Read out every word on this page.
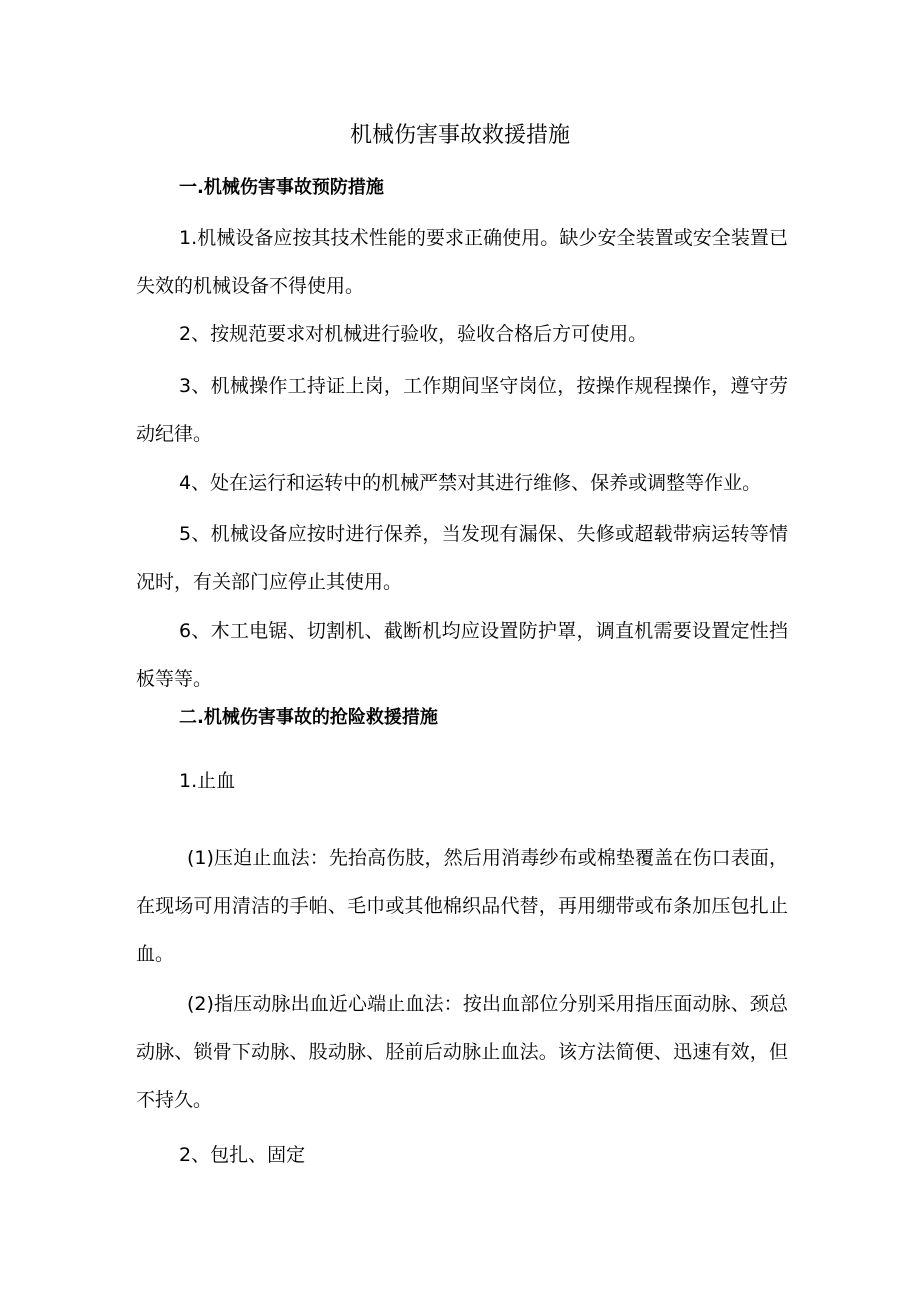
机械伤害事故救援措施

一.机械伤害事故预防措施

1.机械设备应按其技术性能的要求正确使用。缺少安全装置或安全装置已失效的机械设备不得使用。

2、按规范要求对机械进行验收，验收合格后方可使用。

3、机械操作工持证上岗，工作期间坚守岗位，按操作规程操作，遵守劳动纪律。

4、处在运行和运转中的机械严禁对其进行维修、保养或调整等作业。

5、机械设备应按时进行保养，当发现有漏保、失修或超载带病运转等情况时，有关部门应停止其使用。

6、木工电锯、切割机、截断机均应设置防护罩，调直机需要设置定性挡板等等。

二.机械伤害事故的抢险救援措施

1.止血

(1)压迫止血法：先抬高伤肢，然后用消毒纱布或棉垫覆盖在伤口表面，在现场可用清洁的手帕、毛巾或其他棉织品代替，再用绷带或布条加压包扎止血。

(2)指压动脉出血近心端止血法：按出血部位分别采用指压面动脉、颈总动脉、锁骨下动脉、股动脉、胫前后动脉止血法。该方法简便、迅速有效，但不持久。

2、包扎、固定
